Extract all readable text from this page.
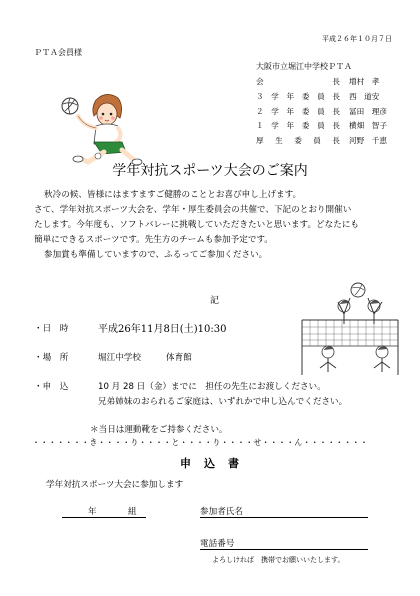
平成２６年１０月７日
ＰＴＡ会員様
大阪市立堀江中学校ＰＴＡ
会　　　　長 増村　孝
３学年委員長 西　道安
２学年委員長 冨田　理彦
１学年委員長 横畑　智子
厚生委員長 河野　千恵
学年対抗スポーツ大会のご案内
秋冷の候、皆様にはますますご健勝のこととお喜び申し上げます。
さて、学年対抗スポーツ大会を、学年・厚生委員会の共催で、下記のとおり開催い
たします。今年度も、ソフトバレーに挑戦していただきたいと思います。どなたにも
簡単にできるスポーツです。先生方のチームも参加予定です。
参加賞も準備していますので、ふるってご参加ください。
記
・日　時	平成26年11月8日(土)10:30
・場　所	堀江中学校	体育館
・申　込	10 月 28 日（金）までに　担任の先生にお渡しください。
兄弟姉妹のおられるご家庭は、いずれかで申し込んでください。
＊当日は運動靴をご持参ください。
・・・・・・・き・・・・り・・・・と・・・・り・・・・せ・・・・ん・・・・・・・・
申　込　書
学年対抗スポーツ大会に参加します
年	組	参加者氏名
電話番号
よろしければ　携帯でお願いいたします。
